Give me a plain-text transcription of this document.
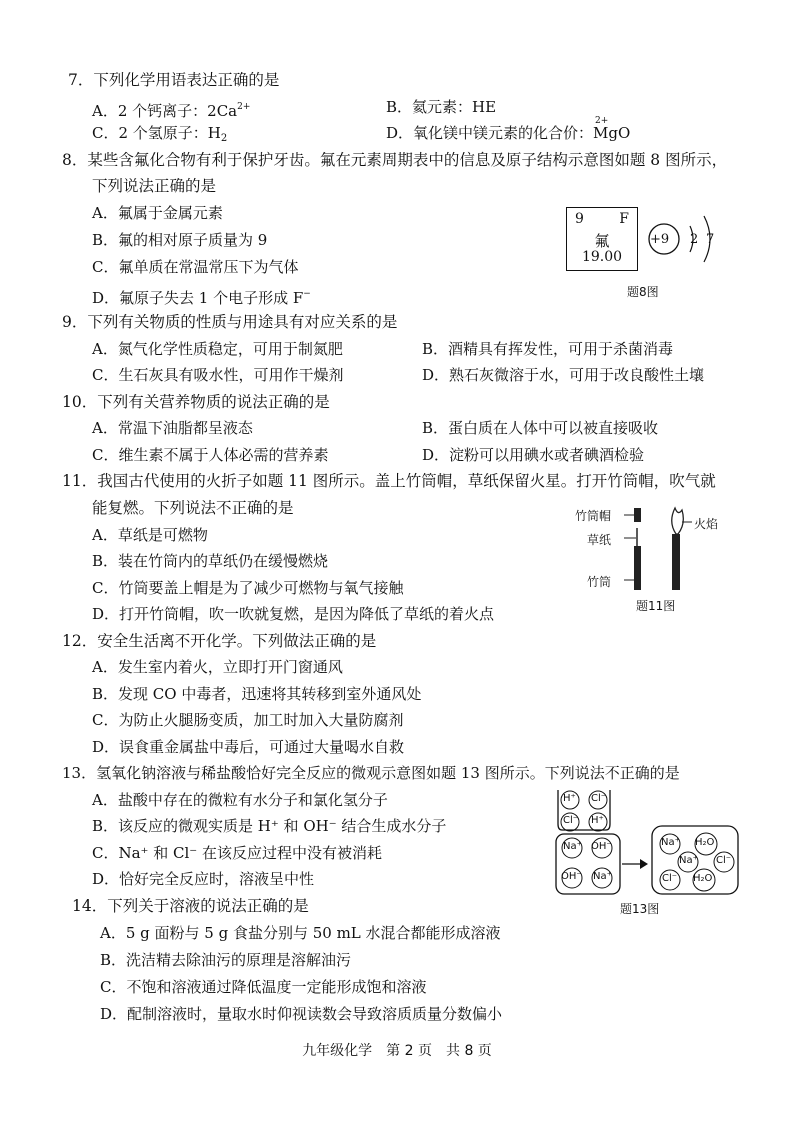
7．下列化学用语表达正确的是
A．2 个钙离子：$2Ca^{2+}$	B．氦元素：HE
C．2 个氢原子：$H_2$	D．氧化镁中镁元素的化合价：
2+
MgO
8．某些含氟化合物有利于保护牙齿。氟在元素周期表中的信息及原子结构示意图如题 8 图所示，
下列说法正确的是
A．氟属于金属元素
B．氟的相对原子质量为 9
C．氟单质在常温常压下为气体
D．氟原子失去 1 个电子形成 F−
9	F
氟
19.00
+9 2 7
题8图
9．下列有关物质的性质与用途具有对应关系的是
A．氮气化学性质稳定，可用于制氮肥	B．酒精具有挥发性，可用于杀菌消毒
C．生石灰具有吸水性，可用作干燥剂	D．熟石灰微溶于水，可用于改良酸性土壤
10．下列有关营养物质的说法正确的是
A．常温下油脂都呈液态	B．蛋白质在人体中可以被直接吸收
C．维生素不属于人体必需的营养素	D．淀粉可以用碘水或者碘酒检验
11．我国古代使用的火折子如题 11 图所示。盖上竹筒帽，草纸保留火星。打开竹筒帽，吹气就
能复燃。下列说法不正确的是
A．草纸是可燃物
B．装在竹筒内的草纸仍在缓慢燃烧
C．竹筒要盖上帽是为了减少可燃物与氧气接触
D．打开竹筒帽，吹一吹就复燃，是因为降低了草纸的着火点
竹筒帽
草纸
竹筒
火焰
题11图
12．安全生活离不开化学。下列做法正确的是
A．发生室内着火，立即打开门窗通风
B．发现 CO 中毒者，迅速将其转移到室外通风处
C．为防止火腿肠变质，加工时加入大量防腐剂
D．误食重金属盐中毒后，可通过大量喝水自救
13．氢氧化钠溶液与稀盐酸恰好完全反应的微观示意图如题 13 图所示。下列说法不正确的是
A．盐酸中存在的微粒有水分子和氯化氢分子
B．该反应的微观实质是 H⁺ 和 OH⁻ 结合生成水分子
C．Na⁺ 和 Cl⁻ 在该反应过程中没有被消耗
D．恰好完全反应时，溶液呈中性
H⁺ Cl⁻
Cl⁻ H⁺
Na⁺ OH⁻
OH⁻ Na⁺
Na⁺ H₂O
Na⁺ Cl⁻
Cl⁻ H₂O
题13图
14．下列关于溶液的说法正确的是
A．5 g 面粉与 5 g 食盐分别与 50 mL 水混合都能形成溶液
B．洗洁精去除油污的原理是溶解油污
C．不饱和溶液通过降低温度一定能形成饱和溶液
D．配制溶液时，量取水时仰视读数会导致溶质质量分数偏小
九年级化学　第 2 页　共 8 页
